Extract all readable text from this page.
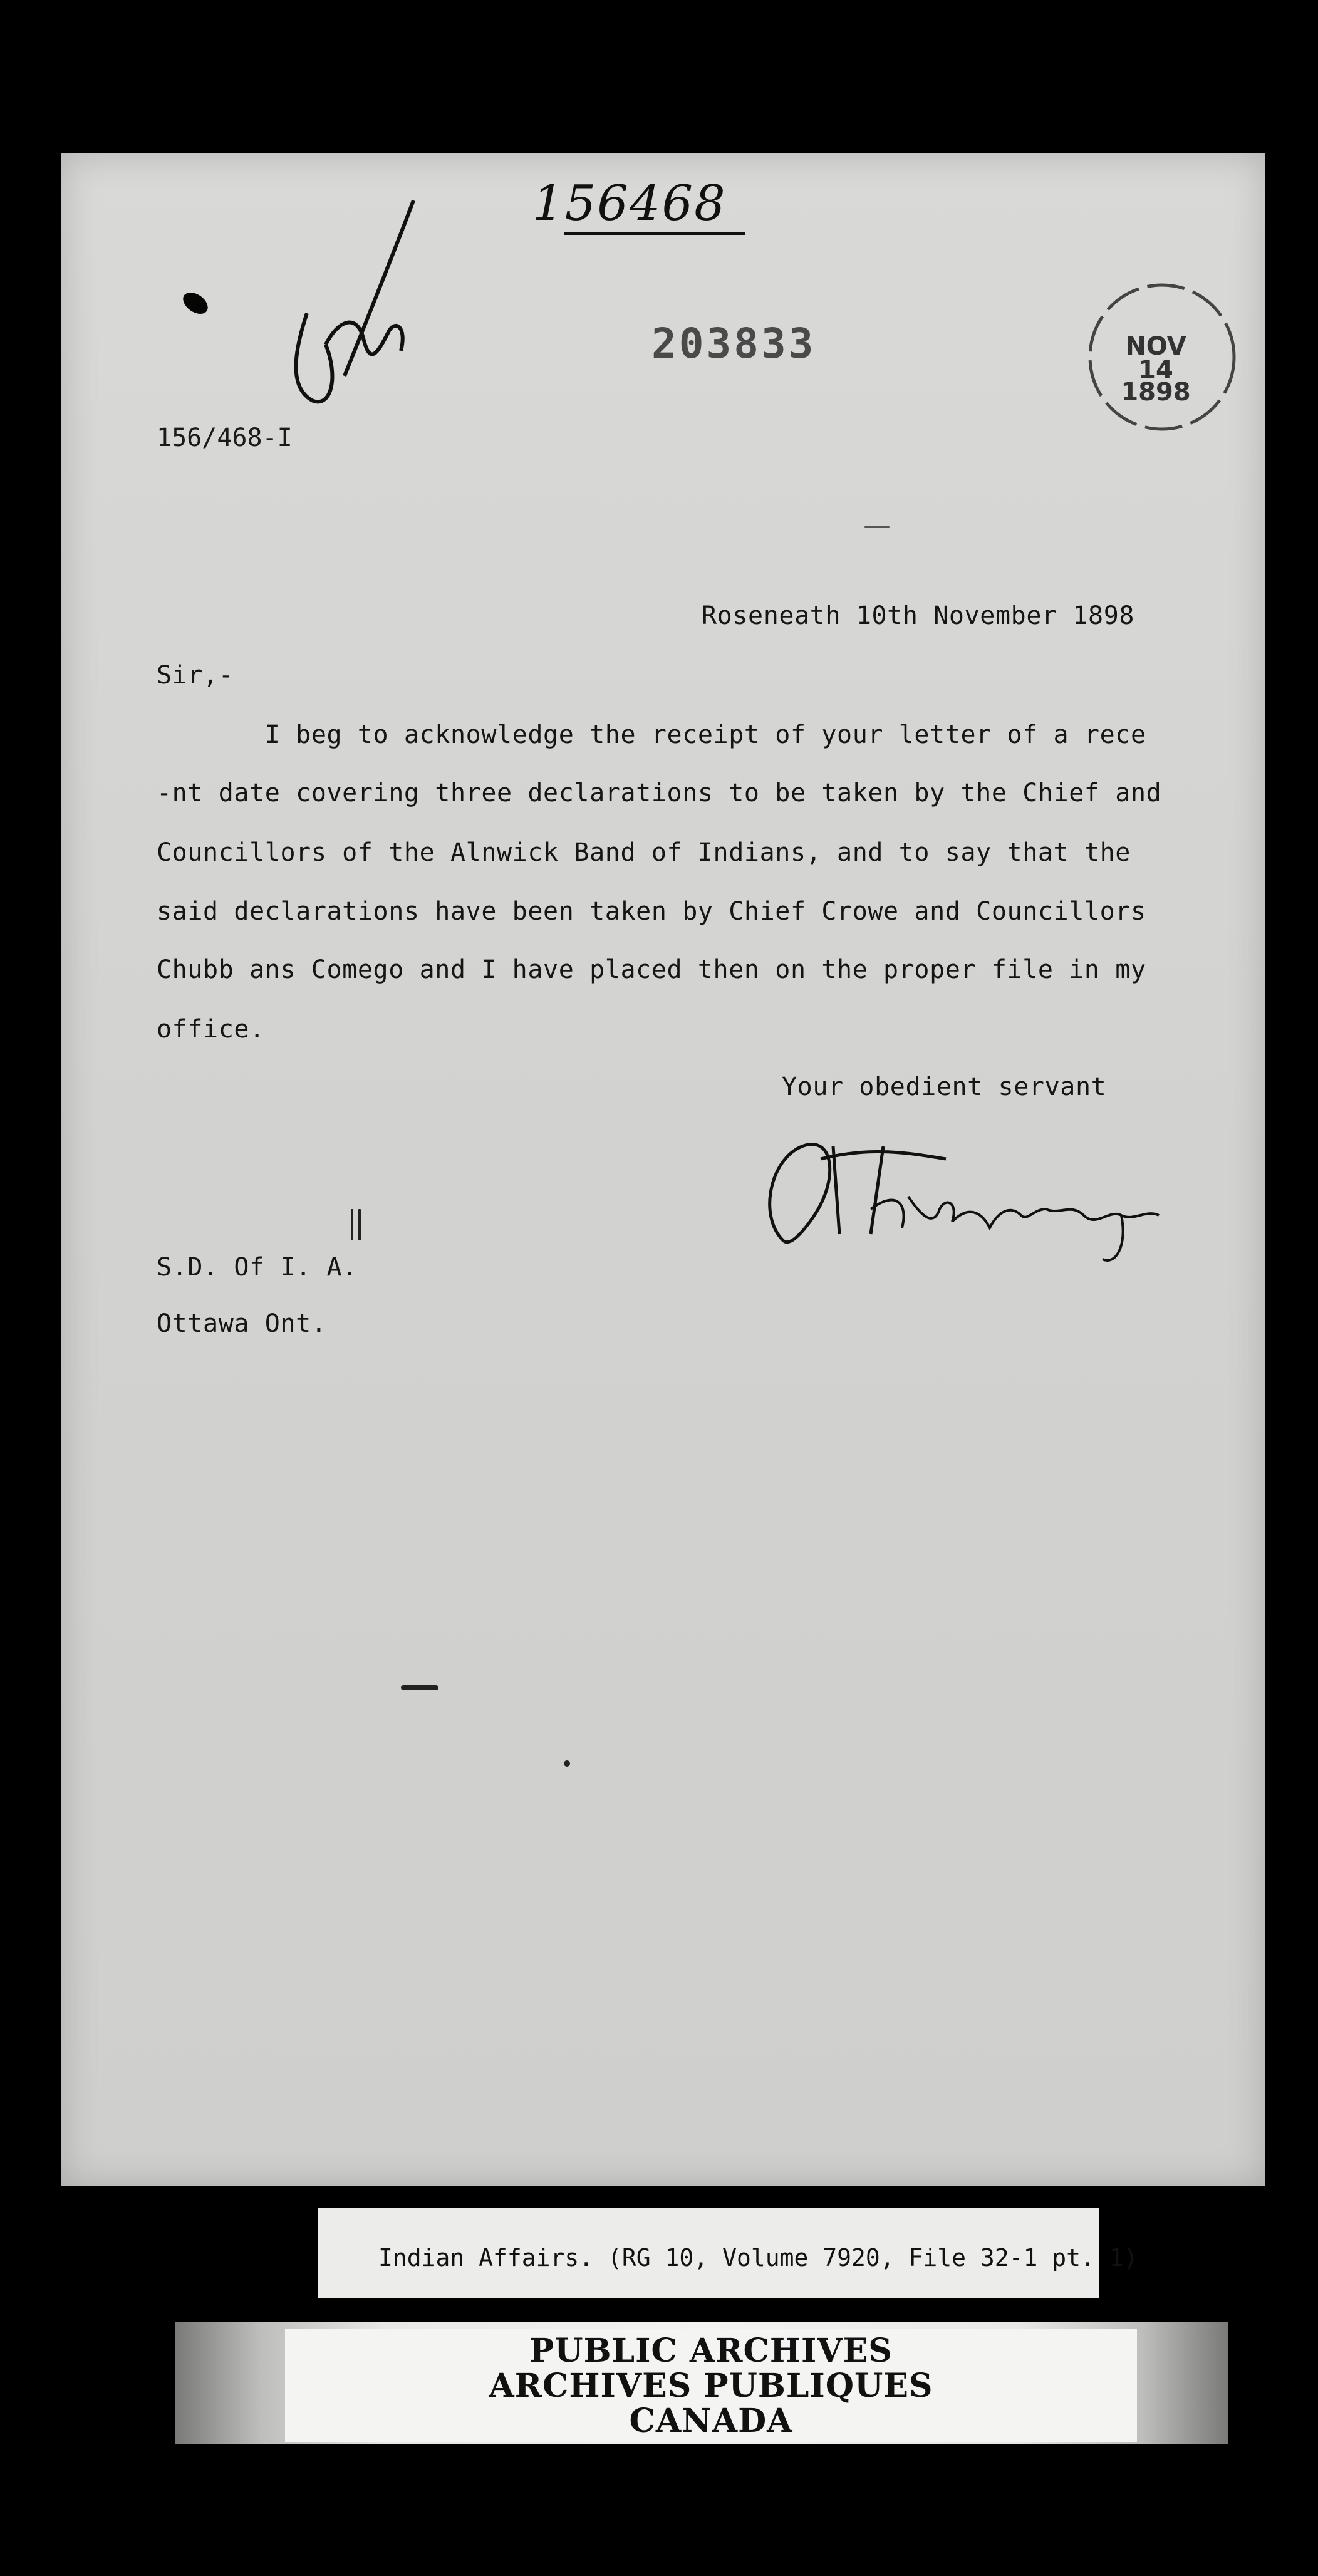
156468
203833	NOV
14
1898
156/468-I
Roseneath 10th November 1898
Sir,-
I beg to acknowledge the receipt of your letter of a rece
-nt date covering three declarations to be taken by the Chief and
Councillors of the Alnwick Band of Indians, and to say that the
said declarations have been taken by Chief Crowe and Councillors
Chubb ans Comego and I have placed then on the proper file in my
office.
Your obedient servant
S.D. Of I. A.
Ottawa Ont.
Indian Affairs. (RG 10, Volume 7920, File 32-1 pt. 1)
PUBLIC ARCHIVES
ARCHIVES PUBLIQUES
CANADA
